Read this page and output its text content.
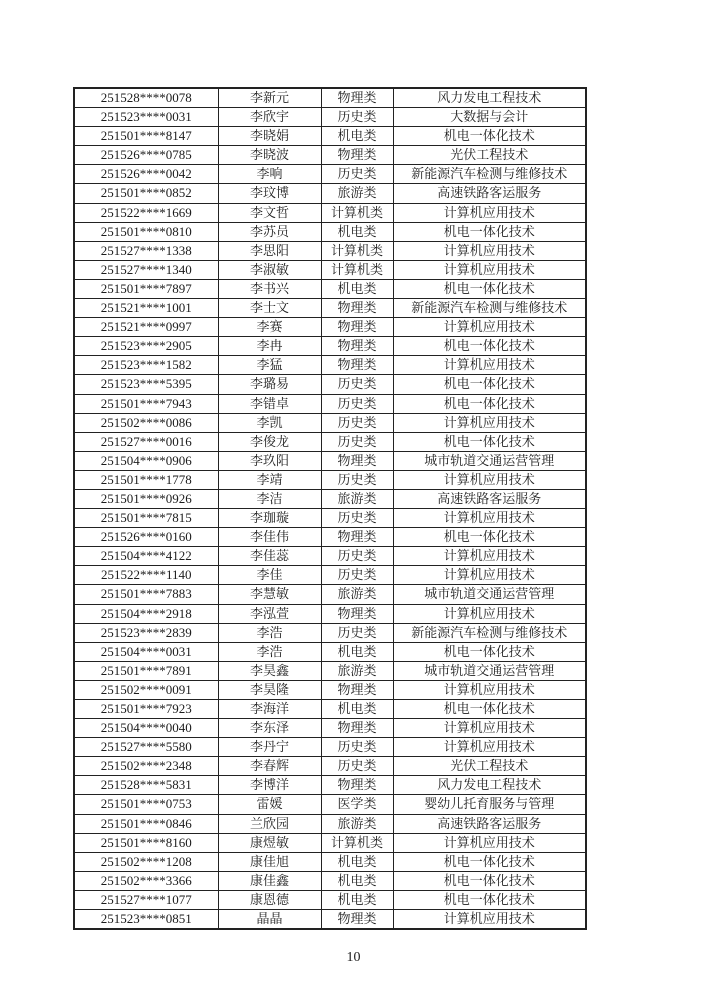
251528****0078	李新元	物理类	风力发电工程技术
251523****0031	李欣宇	历史类	大数据与会计
251501****8147	李晓娟	机电类	机电一体化技术
251526****0785	李晓波	物理类	光伏工程技术
251526****0042	李响	历史类	新能源汽车检测与维修技术
251501****0852	李玟博	旅游类	高速铁路客运服务
251522****1669	李文哲	计算机类	计算机应用技术
251501****0810	李苏员	机电类	机电一体化技术
251527****1338	李思阳	计算机类	计算机应用技术
251527****1340	李淑敏	计算机类	计算机应用技术
251501****7897	李书兴	机电类	机电一体化技术
251521****1001	李士文	物理类	新能源汽车检测与维修技术
251521****0997	李赛	物理类	计算机应用技术
251523****2905	李冉	物理类	机电一体化技术
251523****1582	李猛	物理类	计算机应用技术
251523****5395	李璐易	历史类	机电一体化技术
251501****7943	李错卓	历史类	机电一体化技术
251502****0086	李凯	历史类	计算机应用技术
251527****0016	李俊龙	历史类	机电一体化技术
251504****0906	李玖阳	物理类	城市轨道交通运营管理
251501****1778	李靖	历史类	计算机应用技术
251501****0926	李洁	旅游类	高速铁路客运服务
251501****7815	李珈璇	历史类	计算机应用技术
251526****0160	李佳伟	物理类	机电一体化技术
251504****4122	李佳蕊	历史类	计算机应用技术
251522****1140	李佳	历史类	计算机应用技术
251501****7883	李慧敏	旅游类	城市轨道交通运营管理
251504****2918	李泓萱	物理类	计算机应用技术
251523****2839	李浩	历史类	新能源汽车检测与维修技术
251504****0031	李浩	机电类	机电一体化技术
251501****7891	李昊鑫	旅游类	城市轨道交通运营管理
251502****0091	李昊隆	物理类	计算机应用技术
251501****7923	李海洋	机电类	机电一体化技术
251504****0040	李东泽	物理类	计算机应用技术
251527****5580	李丹宁	历史类	计算机应用技术
251502****2348	李春辉	历史类	光伏工程技术
251528****5831	李博洋	物理类	风力发电工程技术
251501****0753	雷媛	医学类	婴幼儿托育服务与管理
251501****0846	兰欣园	旅游类	高速铁路客运服务
251501****8160	康煜敏	计算机类	计算机应用技术
251502****1208	康佳旭	机电类	机电一体化技术
251502****3366	康佳鑫	机电类	机电一体化技术
251527****1077	康恩德	机电类	机电一体化技术
251523****0851	晶晶	物理类	计算机应用技术
10
